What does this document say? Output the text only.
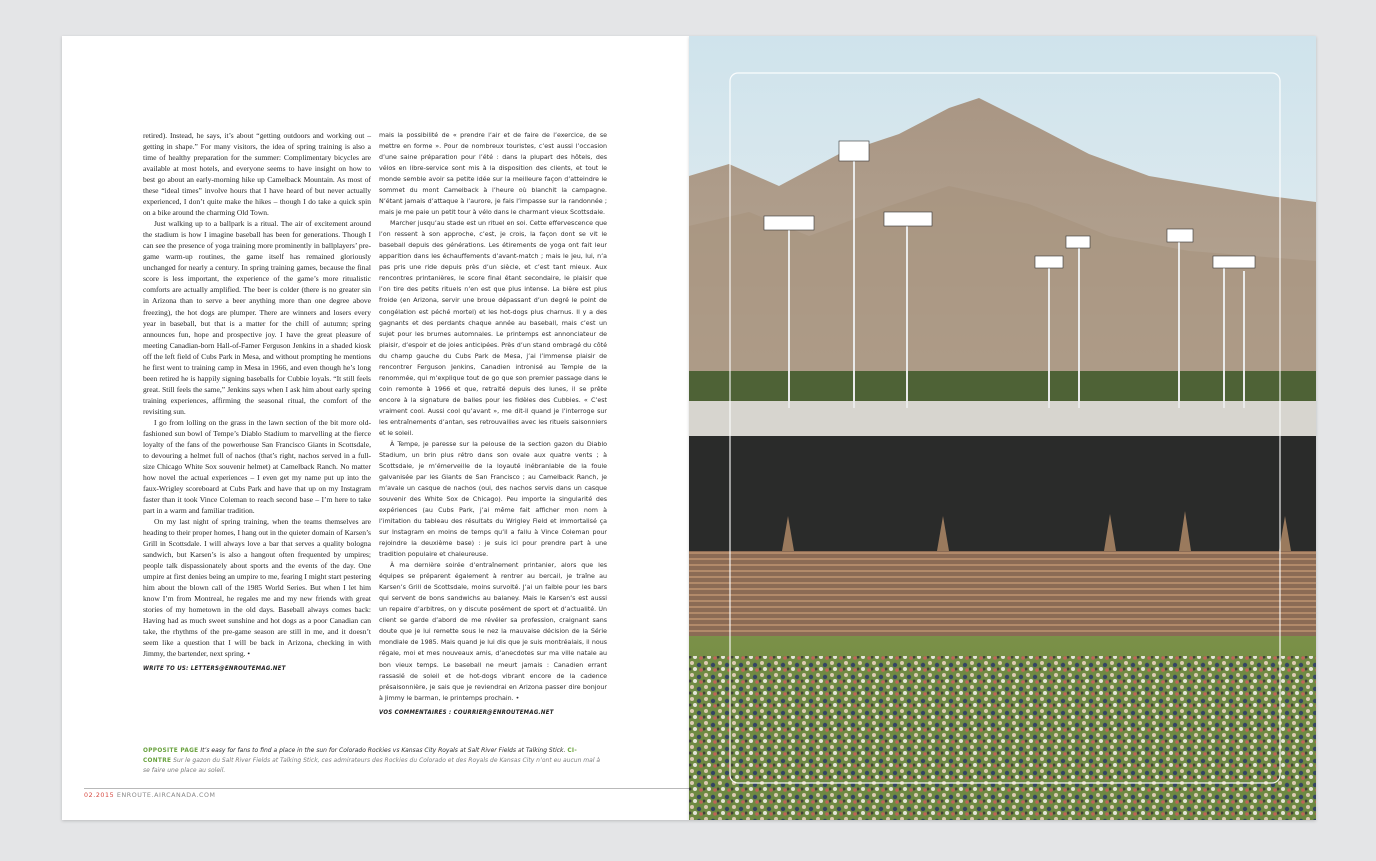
retired). Instead, he says, it’s about “getting outdoors and working out – getting in shape.” For many visitors, the idea of spring training is also a time of healthy preparation for the summer: Complimentary bicycles are available at most hotels, and everyone seems to have insight on how to best go about an early-morning hike up Camelback Mountain. As most of these “ideal times” involve hours that I have heard of but never actually experienced, I don’t quite make the hikes – though I do take a quick spin on a bike around the charming Old Town.

Just walking up to a ballpark is a ritual. The air of excitement around the stadium is how I imagine baseball has been for generations. Though I can see the presence of yoga training more prominently in ballplayers’ pre-game warm-up routines, the game itself has remained gloriously unchanged for nearly a century. In spring training games, because the final score is less important, the experience of the game’s more ritualistic comforts are actually amplified. The beer is colder (there is no greater sin in Arizona than to serve a beer anything more than one degree above freezing), the hot dogs are plumper. There are winners and losers every year in baseball, but that is a matter for the chill of autumn; spring announces fun, hope and prospective joy. I have the great pleasure of meeting Canadian-born Hall-of-Famer Ferguson Jenkins in a shaded kiosk off the left field of Cubs Park in Mesa, and without prompting he mentions he first went to training camp in Mesa in 1966, and even though he’s long been retired he is happily signing baseballs for Cubbie loyals. “It still feels great. Still feels the same,” Jenkins says when I ask him about early spring training experiences, affirming the seasonal ritual, the comfort of the revisiting sun.

I go from lolling on the grass in the lawn section of the bit more old-fashioned sun bowl of Tempe’s Diablo Stadium to marvelling at the fierce loyalty of the fans of the powerhouse San Francisco Giants in Scottsdale, to devouring a helmet full of nachos (that’s right, nachos served in a full-size Chicago White Sox souvenir helmet) at Camelback Ranch. No matter how novel the actual experiences – I even get my name put up into the faux-Wrigley scoreboard at Cubs Park and have that up on my Instagram faster than it took Vince Coleman to reach second base – I’m here to take part in a warm and familiar tradition.

On my last night of spring training, when the teams themselves are heading to their proper homes, I hang out in the quieter domain of Karsen’s Grill in Scottsdale. I will always love a bar that serves a quality bologna sandwich, but Karsen’s is also a hangout often frequented by umpires; people talk dispassionately about sports and the events of the day. One umpire at first denies being an umpire to me, fearing I might start pestering him about the blown call of the 1985 World Series. But when I let him know I’m from Montreal, he regales me and my new friends with great stories of my hometown in the old days. Baseball always comes back: Having had as much sweet sunshine and hot dogs as a poor Canadian can take, the rhythms of the pre-game season are still in me, and it doesn’t seem like a question that I will be back in Arizona, checking in with Jimmy, the bartender, next spring. •

WRITE TO US: LETTERS@ENROUTEMAG.NET

mais la possibilité de « prendre l’air et de faire de l’exercice, de se mettre en forme ». Pour de nombreux touristes, c’est aussi l’occasion d’une saine préparation pour l’été : dans la plupart des hôtels, des vélos en libre-service sont mis à la disposition des clients, et tout le monde semble avoir sa petite idée sur la meilleure façon d’atteindre le sommet du mont Camelback à l’heure où blanchit la campagne. N’étant jamais d’attaque à l’aurore, je fais l’impasse sur la randonnée ; mais je me paie un petit tour à vélo dans le charmant vieux Scottsdale.

Marcher jusqu’au stade est un rituel en soi. Cette effervescence que l’on ressent à son approche, c’est, je crois, la façon dont se vit le baseball depuis des générations. Les étirements de yoga ont fait leur apparition dans les échauffements d’avant-match ; mais le jeu, lui, n’a pas pris une ride depuis près d’un siècle, et c’est tant mieux. Aux rencontres printanières, le score final étant secondaire, le plaisir que l’on tire des petits rituels n’en est que plus intense. La bière est plus froide (en Arizona, servir une broue dépassant d’un degré le point de congélation est péché mortel) et les hot-dogs plus charnus. Il y a des gagnants et des perdants chaque année au baseball, mais c’est un sujet pour les brumes automnales. Le printemps est annonciateur de plaisir, d’espoir et de joies anticipées. Près d’un stand ombragé du côté du champ gauche du Cubs Park de Mesa, j’ai l’immense plaisir de rencontrer Ferguson Jenkins, Canadien intronisé au Temple de la renommée, qui m’explique tout de go que son premier passage dans le coin remonte à 1966 et que, retraité depuis des lunes, il se prête encore à la signature de balles pour les fidèles des Cubbies. « C’est vraiment cool. Aussi cool qu’avant », me dit-il quand je l’interroge sur les entraînements d’antan, ses retrouvailles avec les rituels saisonniers et le soleil.

À Tempe, je paresse sur la pelouse de la section gazon du Diablo Stadium, un brin plus rétro dans son ovale aux quatre vents ; à Scottsdale, je m’émerveille de la loyauté inébranlable de la foule galvanisée par les Giants de San Francisco ; au Camelback Ranch, je m’avale un casque de nachos (oui, des nachos servis dans un casque souvenir des White Sox de Chicago). Peu importe la singularité des expériences (au Cubs Park, j’ai même fait afficher mon nom à l’imitation du tableau des résultats du Wrigley Field et immortalisé ça sur Instagram en moins de temps qu’il a fallu à Vince Coleman pour rejoindre la deuxième base) : je suis ici pour prendre part à une tradition populaire et chaleureuse.

À ma dernière soirée d’entraînement printanier, alors que les équipes se préparent également à rentrer au bercail, je traîne au Karsen’s Grill de Scottsdale, moins survolté. J’ai un faible pour les bars qui servent de bons sandwichs au balaney. Mais le Karsen’s est aussi un repaire d’arbitres, on y discute posément de sport et d’actualité. Un client se garde d’abord de me révéler sa profession, craignant sans doute que je lui remette sous le nez la mauvaise décision de la Série mondiale de 1985. Mais quand je lui dis que je suis montréalais, il nous régale, moi et mes nouveaux amis, d’anecdotes sur ma ville natale au bon vieux temps. Le baseball ne meurt jamais : Canadien errant rassasié de soleil et de hot-dogs vibrant encore de la cadence présaisonnière, je sais que je reviendrai en Arizona passer dire bonjour à Jimmy le barman, le printemps prochain. •

VOS COMMENTAIRES : COURRIER@ENROUTEMAG.NET
OPPOSITE PAGE It’s easy for fans to find a place in the sun for Colorado Rockies vs Kansas City Royals at Salt River Fields at Talking Stick. CI-CONTRE Sur le gazon du Salt River Fields at Talking Stick, ces admirateurs des Rockies du Colorado et des Royals de Kansas City n’ont eu aucun mal à se faire une place au soleil.
02.2015 ENROUTE.AIRCANADA.COM
